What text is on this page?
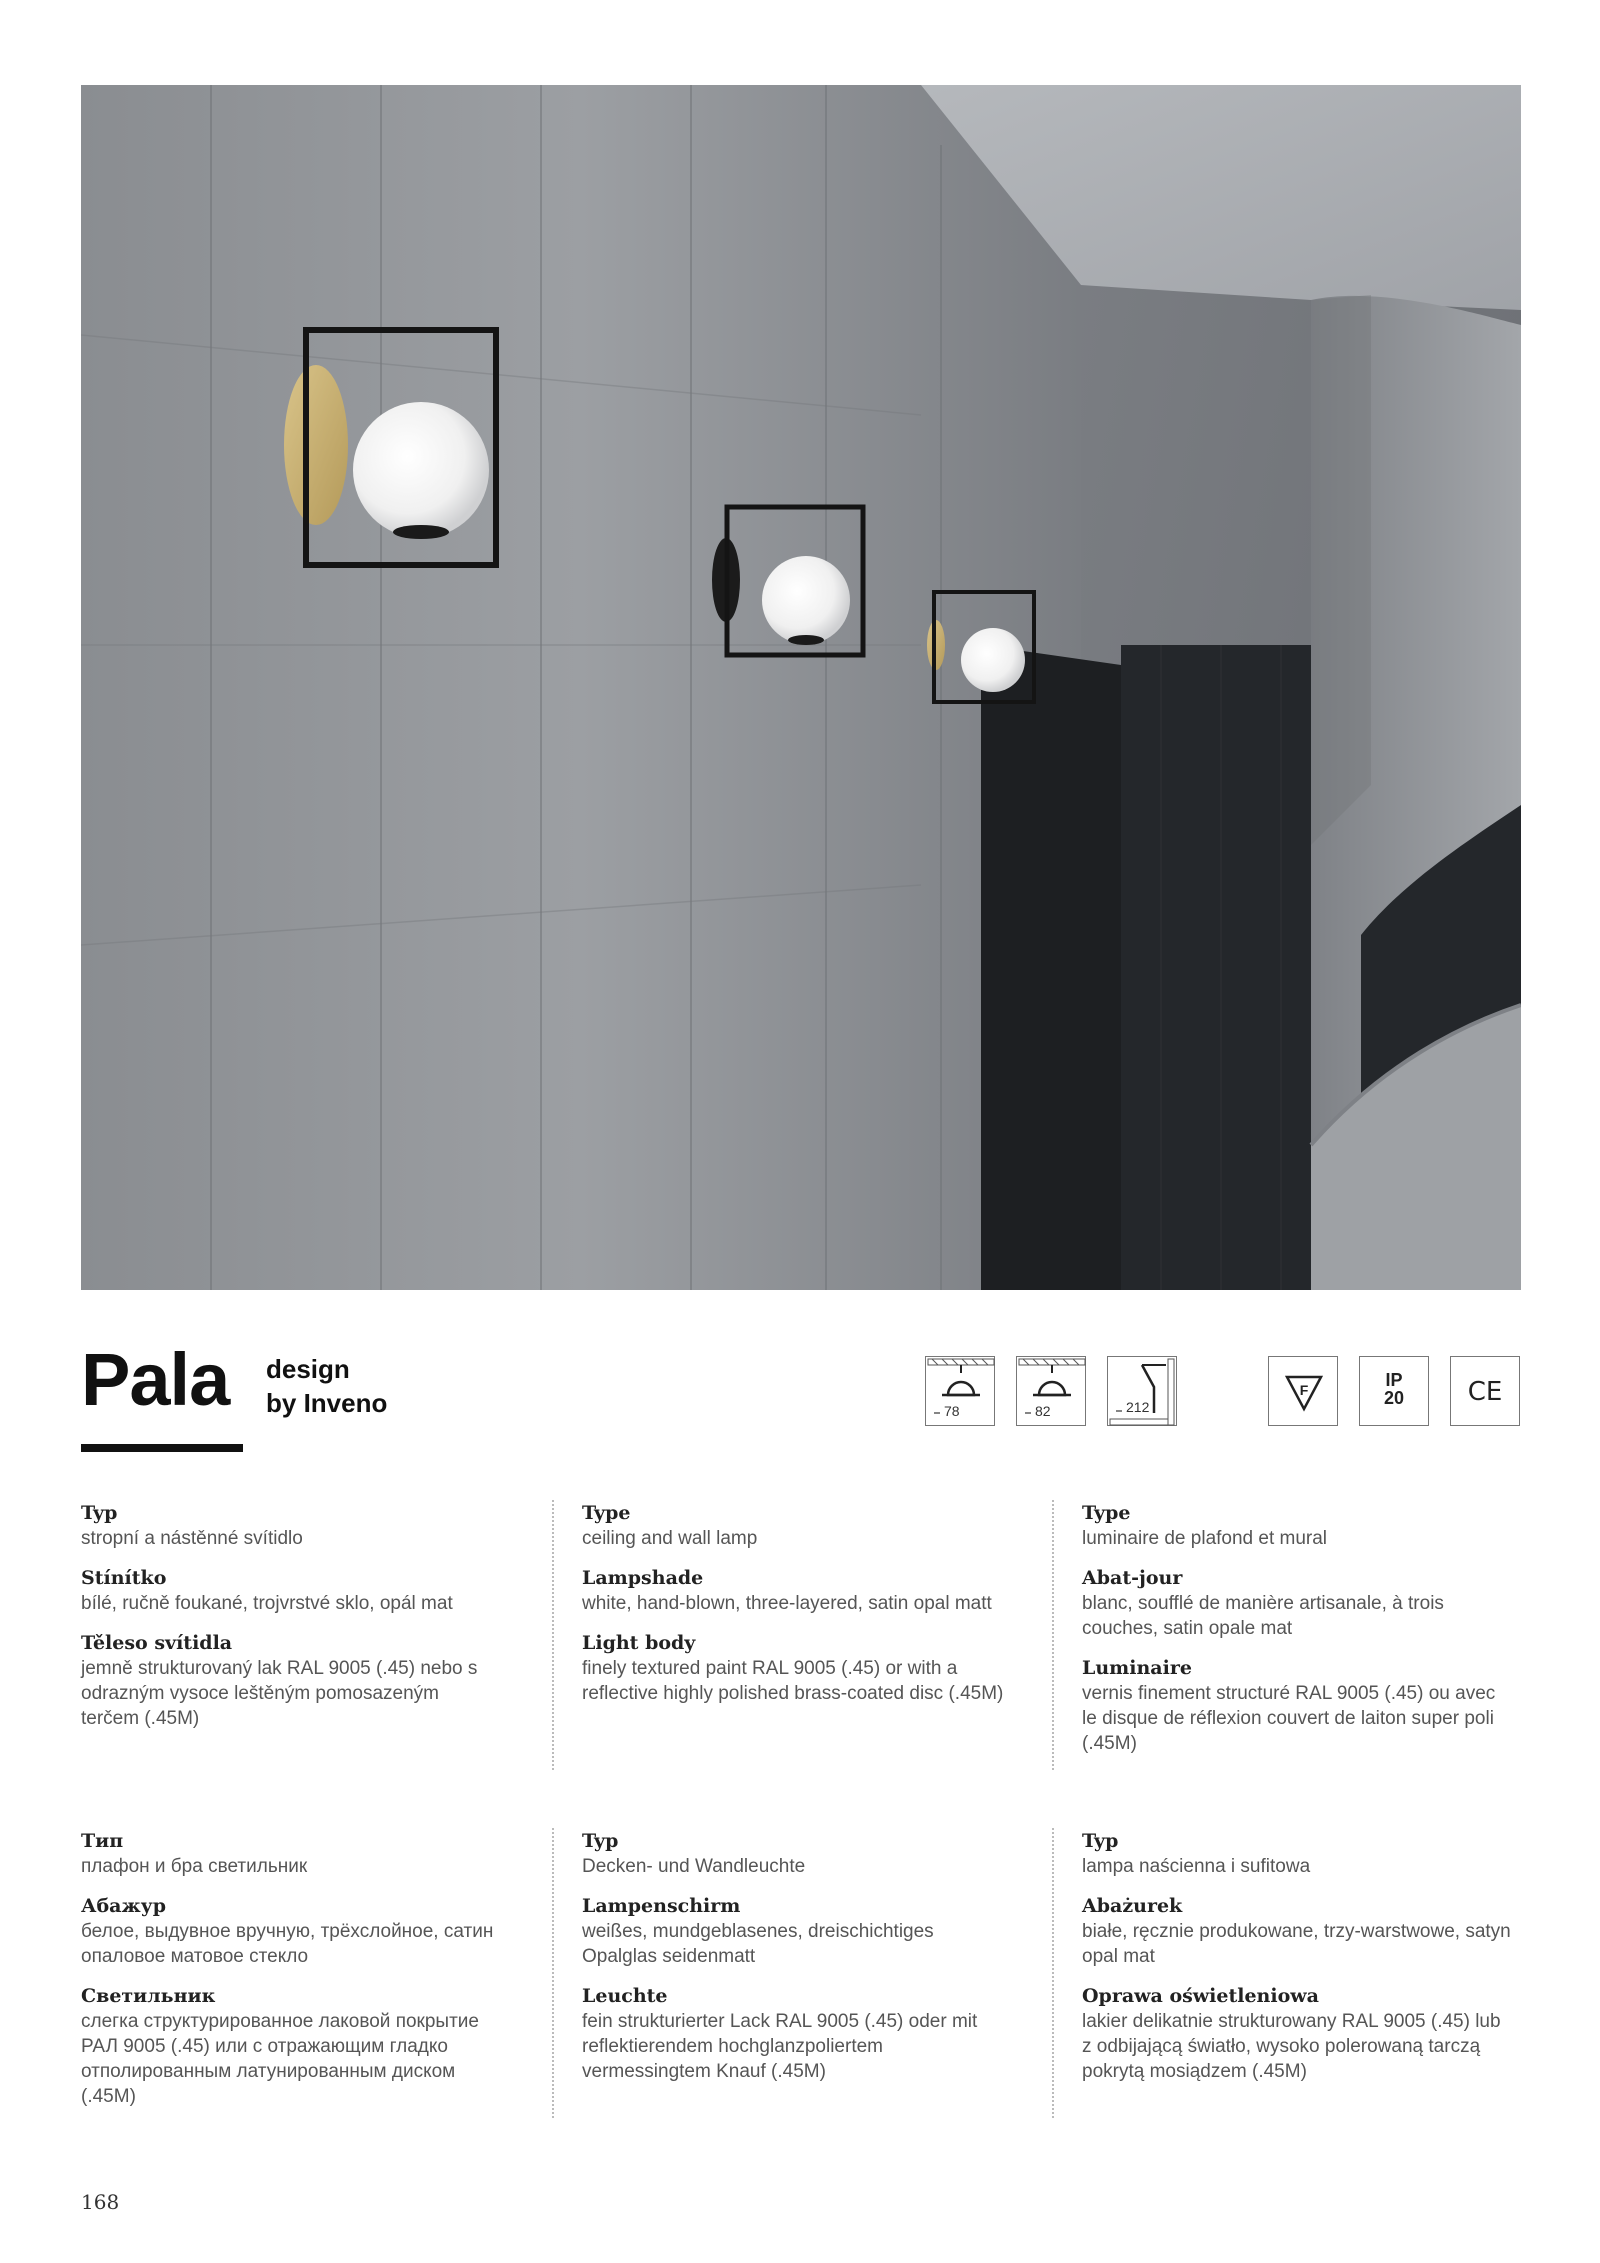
Pala design
by Inveno	78	82	212
F	IP
20	CE
Typ
stropní a nástěnné svítidlo
Stínítko
bílé, ručně foukané, trojvrstvé sklo, opál mat
Těleso svítidla
jemně strukturovaný lak RAL 9005 (.45) nebo s odrazným vysoce leštěným pomosazeným terčem (.45M)
Type
ceiling and wall lamp
Lampshade
white, hand-blown, three-layered, satin opal matt
Light body
finely textured paint RAL 9005 (.45) or with a reflective highly polished brass-coated disc (.45M)
Type
luminaire de plafond et mural
Abat-jour
blanc, soufflé de manière artisanale, à trois couches, satin opale mat
Luminaire
vernis finement structuré RAL 9005 (.45) ou avec le disque de réflexion couvert de laiton super poli (.45M)
Тип
плафон и бра светильник
Абажур
белое, выдувное вручную, трёхслойное, сатин опаловое матовое стекло
Светильник
слегка структурированное лаковой покрытие РАЛ 9005 (.45) или с отражающим гладко отполированным латунированным диском (.45M)
Typ
Decken- und Wandleuchte
Lampenschirm
weißes, mundgeblasenes, dreischichtiges Opalglas seidenmatt
Leuchte
fein strukturierter Lack RAL 9005 (.45) oder mit reflektierendem hochglanzpoliertem vermessingtem Knauf (.45M)
Typ
lampa naścienna i sufitowa
Abażurek
białe, ręcznie produkowane, trzy-warstwowe, satyn opal mat
Oprawa oświetleniowa
lakier delikatnie strukturowany RAL 9005 (.45) lub z odbijającą światło, wysoko polerowaną tarczą pokrytą mosiądzem (.45M)
168
